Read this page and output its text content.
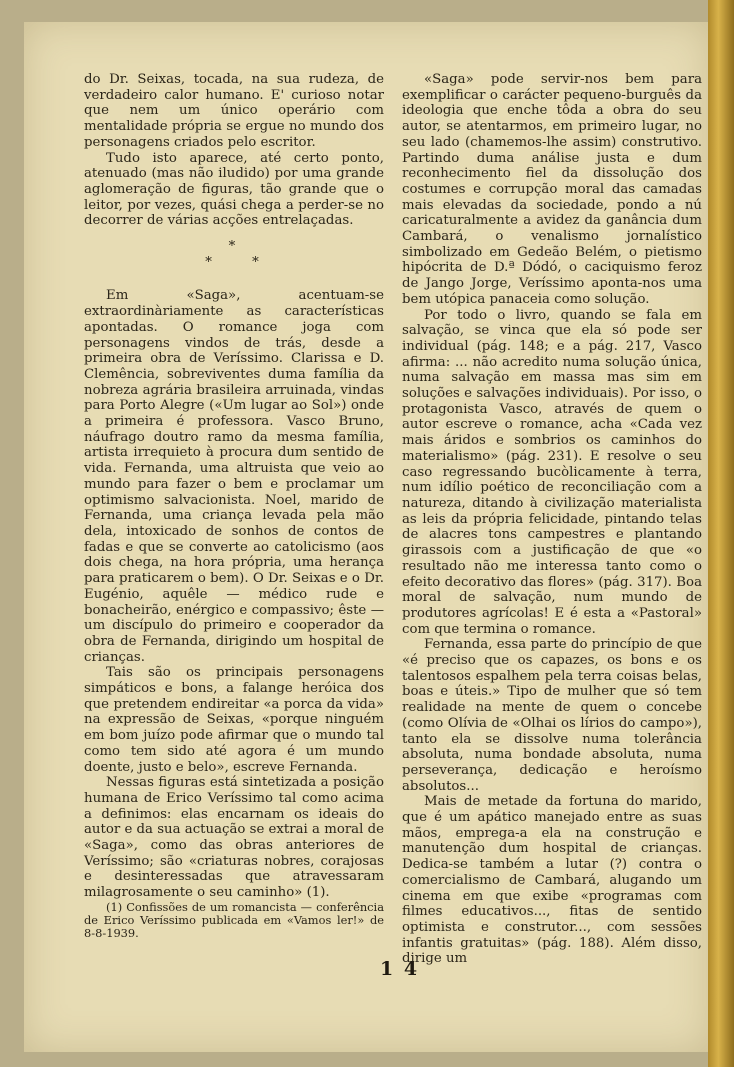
do Dr. Seixas, tocada, na sua rudeza, de verdadeiro calor humano. E' curioso notar que nem um único operário com mentalidade própria se ergue no mundo dos personagens criados pelo escritor.

Tudo isto aparece, até certo ponto, atenuado (mas não iludido) por uma grande aglomeração de figuras, tão grande que o leitor, por vezes, quási chega a perder-se no decorrer de várias acções entrelaçadas.

*
* *

Em «Saga», acentuam-se extraordinàriamente as características apontadas. O romance joga com personagens vindos de trás, desde a primeira obra de Veríssimo. Clarissa e D. Clemência, sobreviventes duma família da nobreza agrária brasileira arruinada, vindas para Porto Alegre («Um lugar ao Sol») onde a primeira é professora. Vasco Bruno, náufrago doutro ramo da mesma família, artista irrequieto à procura dum sentido de vida. Fernanda, uma altruista que veio ao mundo para fazer o bem e proclamar um optimismo salvacionista. Noel, marido de Fernanda, uma criança levada pela mão dela, intoxicado de sonhos de contos de fadas e que se converte ao catolicismo (aos dois chega, na hora própria, uma herança para praticarem o bem). O Dr. Seixas e o Dr. Eugénio, aquêle — médico rude e bonacheirão, enérgico e compassivo; êste — um discípulo do primeiro e cooperador da obra de Fernanda, dirigindo um hospital de crianças.

Tais são os principais personagens simpáticos e bons, a falange heróica dos que pretendem endireitar «a porca da vida» na expressão de Seixas, «porque ninguém em bom juízo pode afirmar que o mundo tal como tem sido até agora é um mundo doente, justo e belo», escreve Fernanda.

Nessas figuras está sintetizada a posição humana de Erico Veríssimo tal como acima a definimos: elas encarnam os ideais do autor e da sua actuação se extrai a moral de «Saga», como das obras anteriores de Veríssimo; são «criaturas nobres, corajosas e desinteressadas que atravessaram milagrosamente o seu caminho» (1).

(1) Confissões de um romancista — conferência de Erico Veríssimo publicada em «Vamos ler!» de 8-8-1939.

«Saga» pode servir-nos bem para exemplificar o carácter pequeno-burguês da ideologia que enche tôda a obra do seu autor, se atentarmos, em primeiro lugar, no seu lado (chamemos-lhe assim) construtivo. Partindo duma análise justa e dum reconhecimento fiel da dissolução dos costumes e corrupção moral das camadas mais elevadas da sociedade, pondo a nú caricaturalmente a avidez da ganância dum Cambará, o venalismo jornalístico simbolizado em Gedeão Belém, o pietismo hipócrita de D.ª Dódó, o caciquismo feroz de Jango Jorge, Veríssimo aponta-nos uma bem utópica panaceia como solução.

Por todo o livro, quando se fala em salvação, se vinca que ela só pode ser individual (pág. 148; e a pág. 217, Vasco afirma: ... não acredito numa solução única, numa salvação em massa mas sim em soluções e salvações individuais). Por isso, o protagonista Vasco, através de quem o autor escreve o romance, acha «Cada vez mais áridos e sombrios os caminhos do materialismo» (pág. 231). E resolve o seu caso regressando bucòlicamente à terra, num idílio poético de reconciliação com a natureza, ditando à civilização materialista as leis da própria felicidade, pintando telas de alacres tons campestres e plantando girassois com a justificação de que «o resultado não me interessa tanto como o efeito decorativo das flores» (pág. 317). Boa moral de salvação, num mundo de produtores agrícolas! E é esta a «Pastoral» com que termina o romance.

Fernanda, essa parte do princípio de que «é preciso que os capazes, os bons e os talentosos espalhem pela terra coisas belas, boas e úteis.» Tipo de mulher que só tem realidade na mente de quem o concebe (como Olívia de «Olhai os lírios do campo»), tanto ela se dissolve numa tolerância absoluta, numa bondade absoluta, numa perseverança, dedicação e heroísmo absolutos...

Mais de metade da fortuna do marido, que é um apático manejado entre as suas mãos, emprega-a ela na construção e manutenção dum hospital de crianças. Dedica-se também a lutar (?) contra o comercialismo de Cambará, alugando um cinema em que exibe «programas com filmes educativos..., fitas de sentido optimista e construtor..., com sessões infantis gratuitas» (pág. 188). Além disso, dirige um

1 4
